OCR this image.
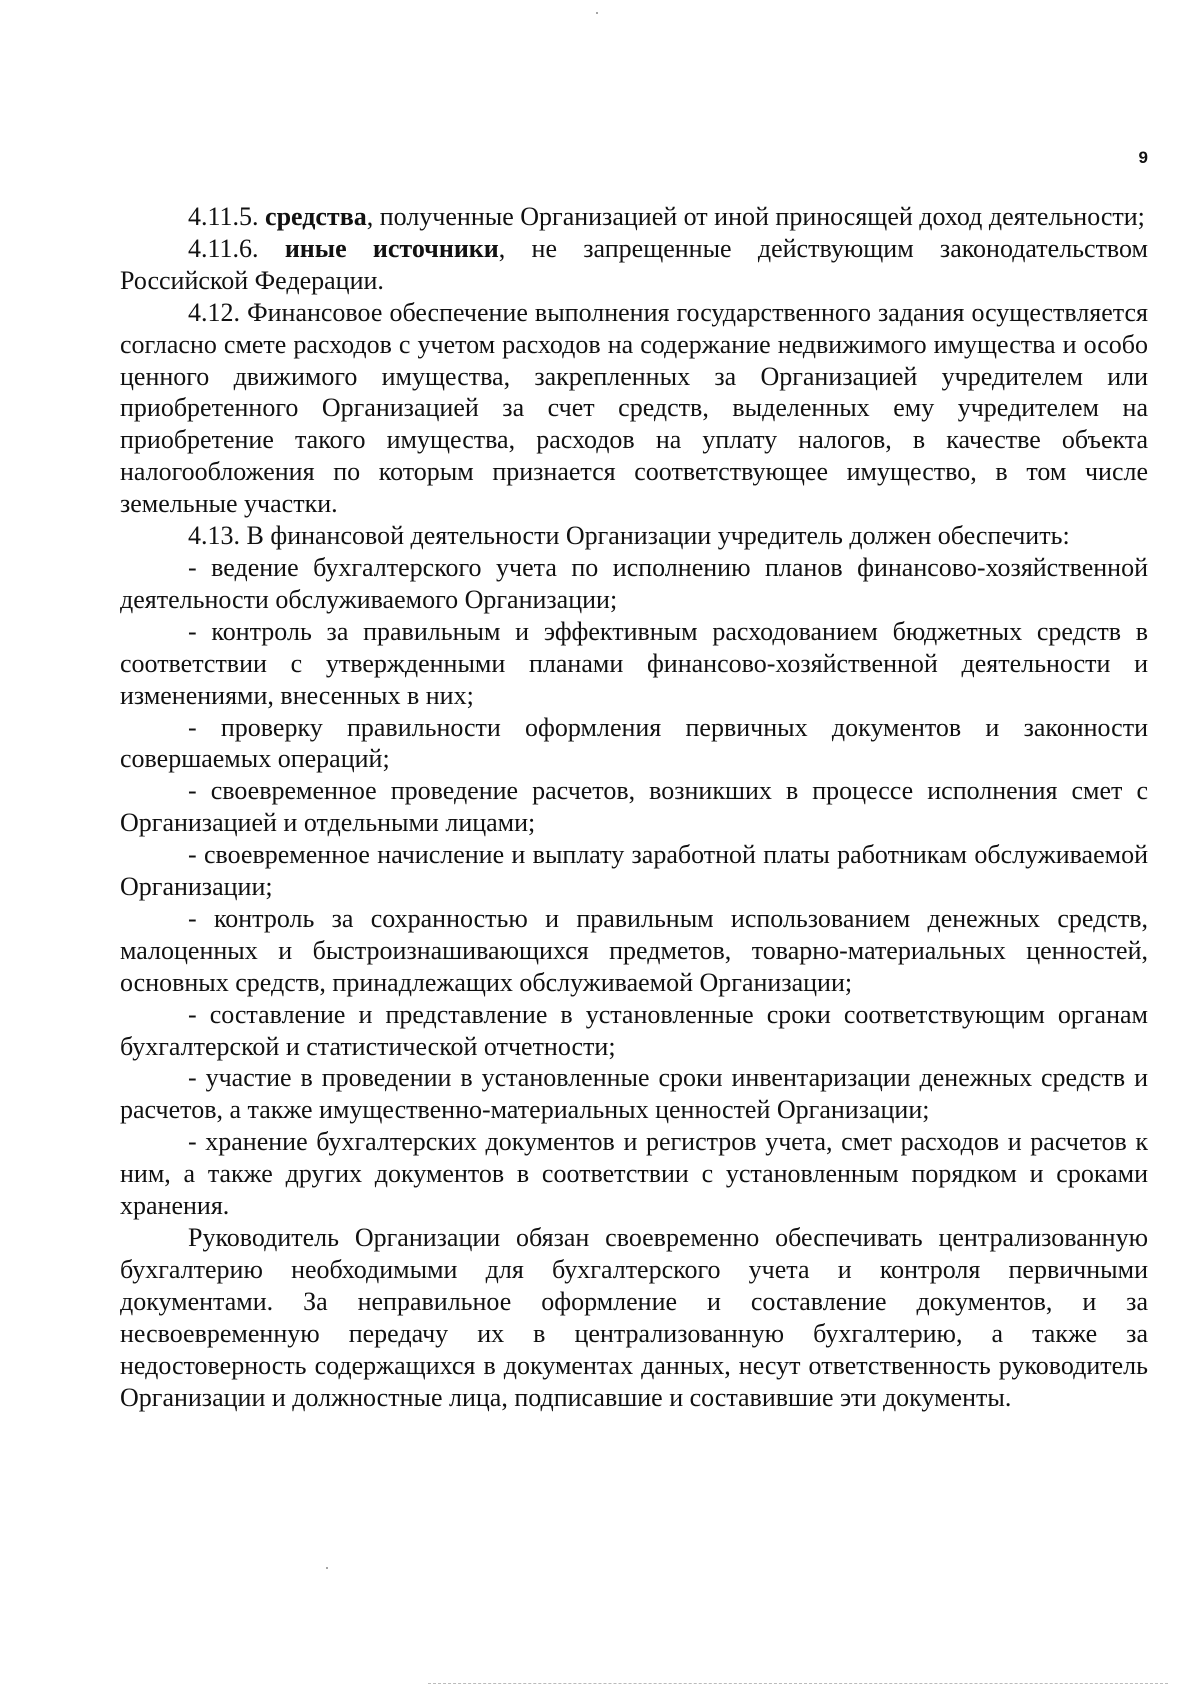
9

4.11.5. средства, полученные Организацией от иной приносящей доход деятельности;

4.11.6. иные источники, не запрещенные действующим законодательством Российской Федерации.

4.12. Финансовое обеспечение выполнения государственного задания осуществляется согласно смете расходов с учетом расходов на содержание недвижимого имущества и особо ценного движимого имущества, закрепленных за Организацией учредителем или приобретенного Организацией за счет средств, выделенных ему учредителем на приобретение такого имущества, расходов на уплату налогов, в качестве объекта налогообложения по которым признается соответствующее имущество, в том числе земельные участки.

4.13. В финансовой деятельности Организации учредитель должен обеспечить:

- ведение бухгалтерского учета по исполнению планов финансово-хозяйственной деятельности обслуживаемого Организации;

- контроль за правильным и эффективным расходованием бюджетных средств в соответствии с утвержденными планами финансово-хозяйственной деятельности и изменениями, внесенных в них;

- проверку правильности оформления первичных документов и законности совершаемых операций;

- своевременное проведение расчетов, возникших в процессе исполнения смет с Организацией и отдельными лицами;

- своевременное начисление и выплату заработной платы работникам обслуживаемой Организации;

- контроль за сохранностью и правильным использованием денежных средств, малоценных и быстроизнашивающихся предметов, товарно-материальных ценностей, основных средств, принадлежащих обслуживаемой Организации;

- составление и представление в установленные сроки соответствующим органам бухгалтерской и статистической отчетности;

- участие в проведении в установленные сроки инвентаризации денежных средств и расчетов, а также имущественно-материальных ценностей Организации;

- хранение бухгалтерских документов и регистров учета, смет расходов и расчетов к ним, а также других документов в соответствии с установленным порядком и сроками хранения.

Руководитель Организации обязан своевременно обеспечивать централизованную бухгалтерию необходимыми для бухгалтерского учета и контроля первичными документами. За неправильное оформление и составление документов, и за несвоевременную передачу их в централизованную бухгалтерию, а также за недостоверность содержащихся в документах данных, несут ответственность руководитель Организации и должностные лица, подписавшие и составившие эти документы.
